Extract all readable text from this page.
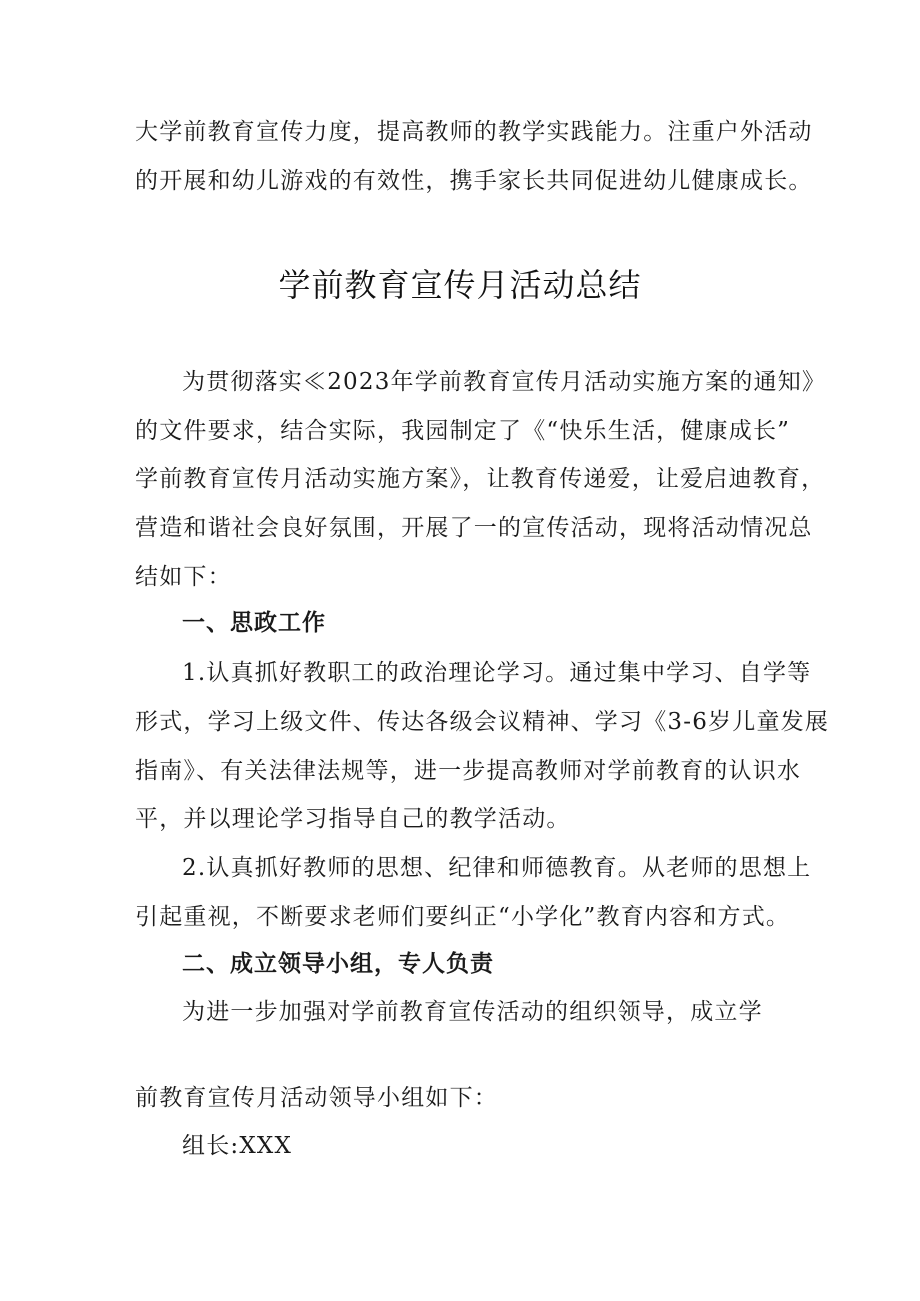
大学前教育宣传力度，提高教师的教学实践能力。注重户外活动
的开展和幼儿游戏的有效性，携手家长共同促进幼儿健康成长。
学前教育宣传月活动总结
为贯彻落实≪2023年学前教育宣传月活动实施方案的通知》
的文件要求，结合实际，我园制定了《“快乐生活，健康成长”
学前教育宣传月活动实施方案》，让教育传递爱，让爱启迪教育，
营造和谐社会良好氛围，开展了一的宣传活动，现将活动情况总
结如下：
一、思政工作
1.认真抓好教职工的政治理论学习。通过集中学习、自学等
形式，学习上级文件、传达各级会议精神、学习《3-6岁儿童发展
指南》、有关法律法规等，进一步提高教师对学前教育的认识水
平，并以理论学习指导自己的教学活动。
2.认真抓好教师的思想、纪律和师德教育。从老师的思想上
引起重视，不断要求老师们要纠正“小学化”教育内容和方式。
二、成立领导小组，专人负责
为进一步加强对学前教育宣传活动的组织领导，成立学
前教育宣传月活动领导小组如下：
组长:XXX
